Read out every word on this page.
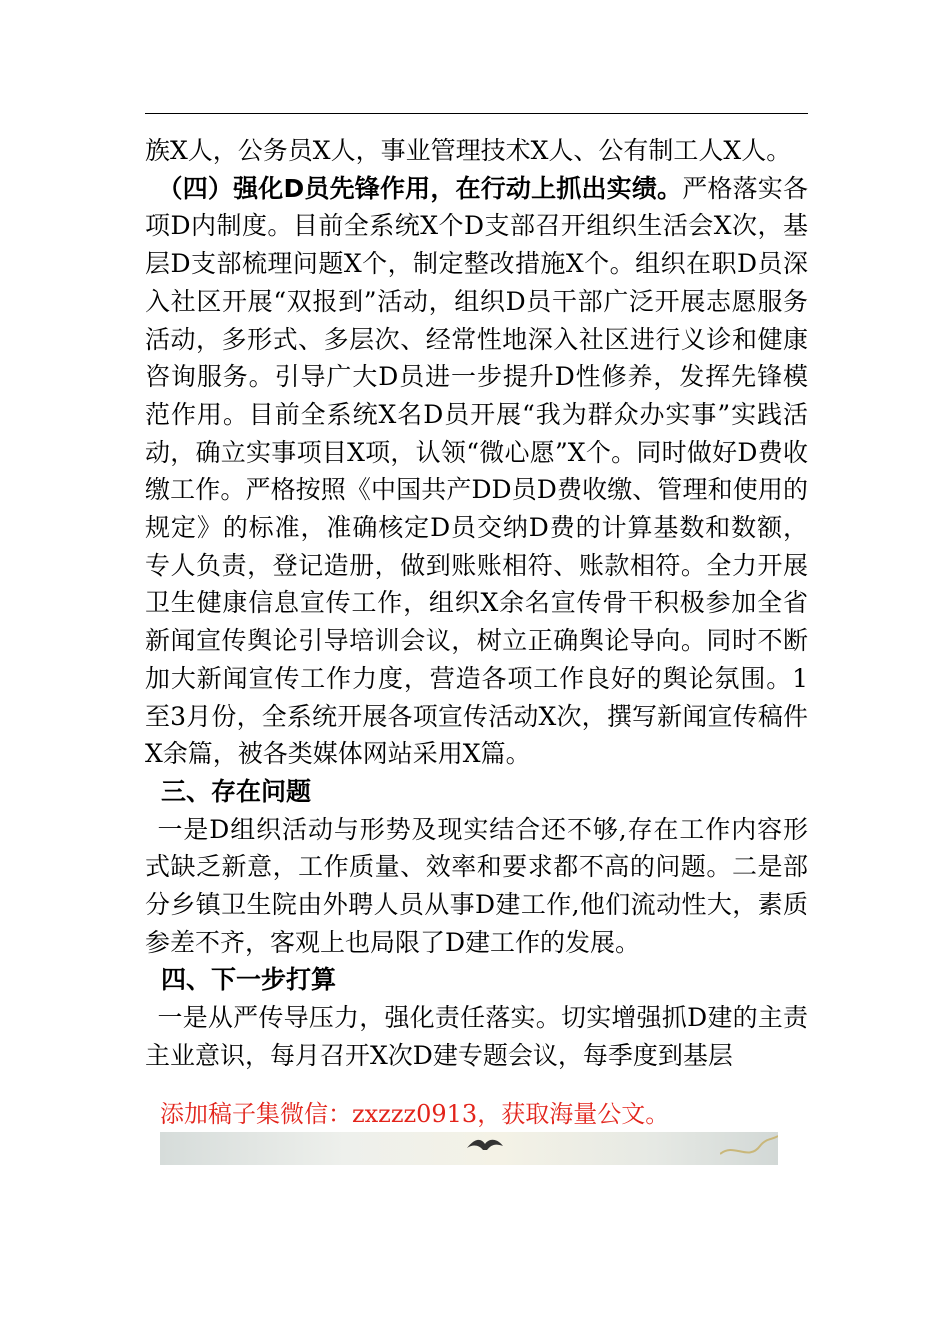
族X人，公务员X人，事业管理技术X人、公有制工人X人。

（四）强化D员先锋作用，在行动上抓出实绩。严格落实各项D内制度。目前全系统X个D支部召开组织生活会X次，基层D支部梳理问题X个，制定整改措施X个。组织在职D员深入社区开展“双报到”活动，组织D员干部广泛开展志愿服务活动，多形式、多层次、经常性地深入社区进行义诊和健康咨询服务。引导广大D员进一步提升D性修养，发挥先锋模范作用。目前全系统X名D员开展“我为群众办实事”实践活动，确立实事项目X项，认领“微心愿”X个。同时做好D费收缴工作。严格按照《中国共产DD员D费收缴、管理和使用的规定》的标准，准确核定D员交纳D费的计算基数和数额，专人负责，登记造册，做到账账相符、账款相符。全力开展卫生健康信息宣传工作，组织X余名宣传骨干积极参加全省新闻宣传舆论引导培训会议，树立正确舆论导向。同时不断加大新闻宣传工作力度，营造各项工作良好的舆论氛围。1至3月份，全系统开展各项宣传活动X次，撰写新闻宣传稿件X余篇，被各类媒体网站采用X篇。

三、存在问题

一是D组织活动与形势及现实结合还不够,存在工作内容形式缺乏新意，工作质量、效率和要求都不高的问题。二是部分乡镇卫生院由外聘人员从事D建工作,他们流动性大，素质参差不齐，客观上也局限了D建工作的发展。

四、下一步打算

一是从严传导压力，强化责任落实。切实增强抓D建的主责主业意识，每月召开X次D建专题会议，每季度到基层

添加稿子集微信：zxzzz0913，获取海量公文。
